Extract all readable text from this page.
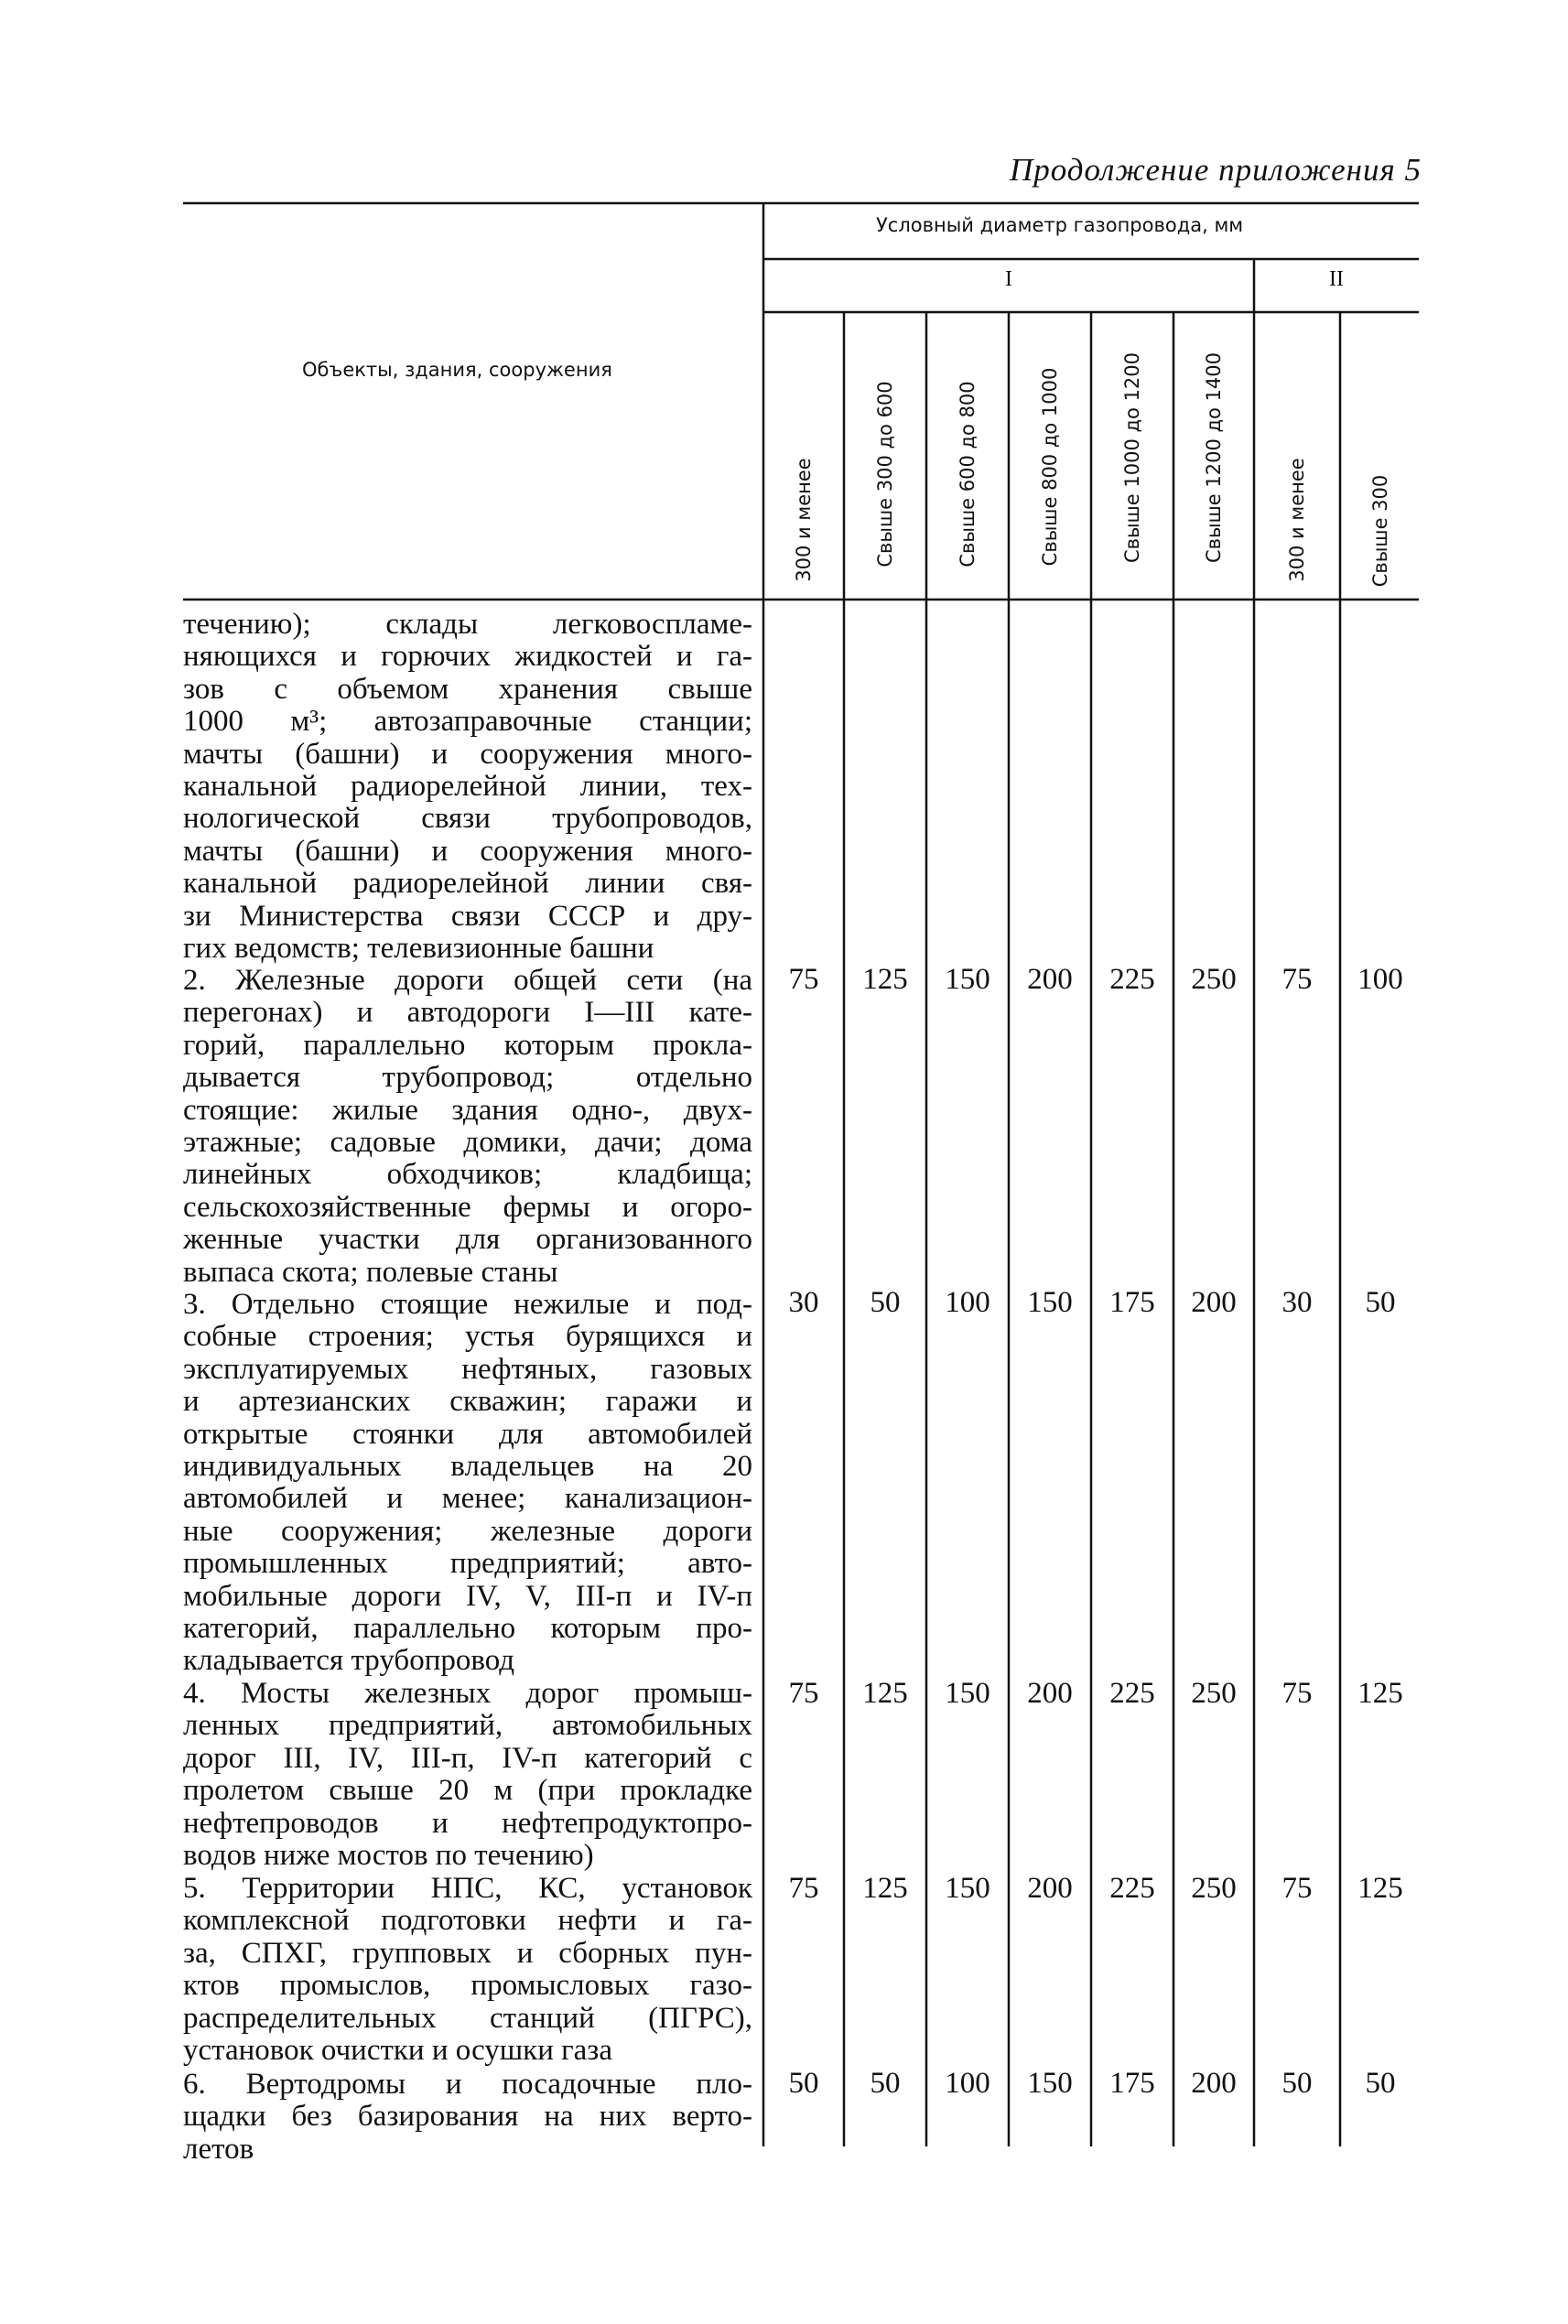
Продолжение приложения 5
Объекты, здания, сооружения
Условный диаметр газопровода, мм
I	II
300 и менее	Свыше 300 до 600	Свыше 600 до 800	Свыше 800 до 1000	Свыше 1000 до 1200	Свыше 1200 до 1400	300 и менее	Свыше 300
течению); склады легковоспламе-
няющихся и горючих жидкостей и га-
зов с объемом хранения свыше
1000 м³; автозаправочные станции;
мачты (башни) и сооружения много-
канальной радиорелейной линии, тех-
нологической связи трубопроводов,
мачты (башни) и сооружения много-
канальной радиорелейной линии свя-
зи Министерства связи СССР и дру-
гих ведомств; телевизионные башни
2. Железные дороги общей сети (на
перегонах) и автодороги I—III кате-
горий, параллельно которым прокла-
дывается трубопровод; отдельно
стоящие: жилые здания одно-, двух-
этажные; садовые домики, дачи; дома
линейных обходчиков; кладбища;
сельскохозяйственные фермы и огоро-
женные участки для организованного
выпаса скота; полевые станы
75 125 150 200 225 250 75 100
3. Отдельно стоящие нежилые и под-
собные строения; устья бурящихся и
эксплуатируемых нефтяных, газовых
и артезианских скважин; гаражи и
открытые стоянки для автомобилей
индивидуальных владельцев на 20
автомобилей и менее; канализацион-
ные сооружения; железные дороги
промышленных предприятий; авто-
мобильные дороги IV, V, III-п и IV-п
категорий, параллельно которым про-
кладывается трубопровод
30 50 100 150 175 200 30 50
4. Мосты железных дорог промыш-
ленных предприятий, автомобильных
дорог III, IV, III-п, IV-п категорий с
пролетом свыше 20 м (при прокладке
нефтепроводов и нефтепродуктопро-
водов ниже мостов по течению)
75 125 150 200 225 250 75 125
5. Территории НПС, КС, установок
комплексной подготовки нефти и га-
за, СПХГ, групповых и сборных пун-
ктов промыслов, промысловых газо-
распределительных станций (ПГРС),
установок очистки и осушки газа
75 125 150 200 225 250 75 125
6. Вертодромы и посадочные пло-
щадки без базирования на них верто-
летов
50 50 100 150 175 200 50 50
